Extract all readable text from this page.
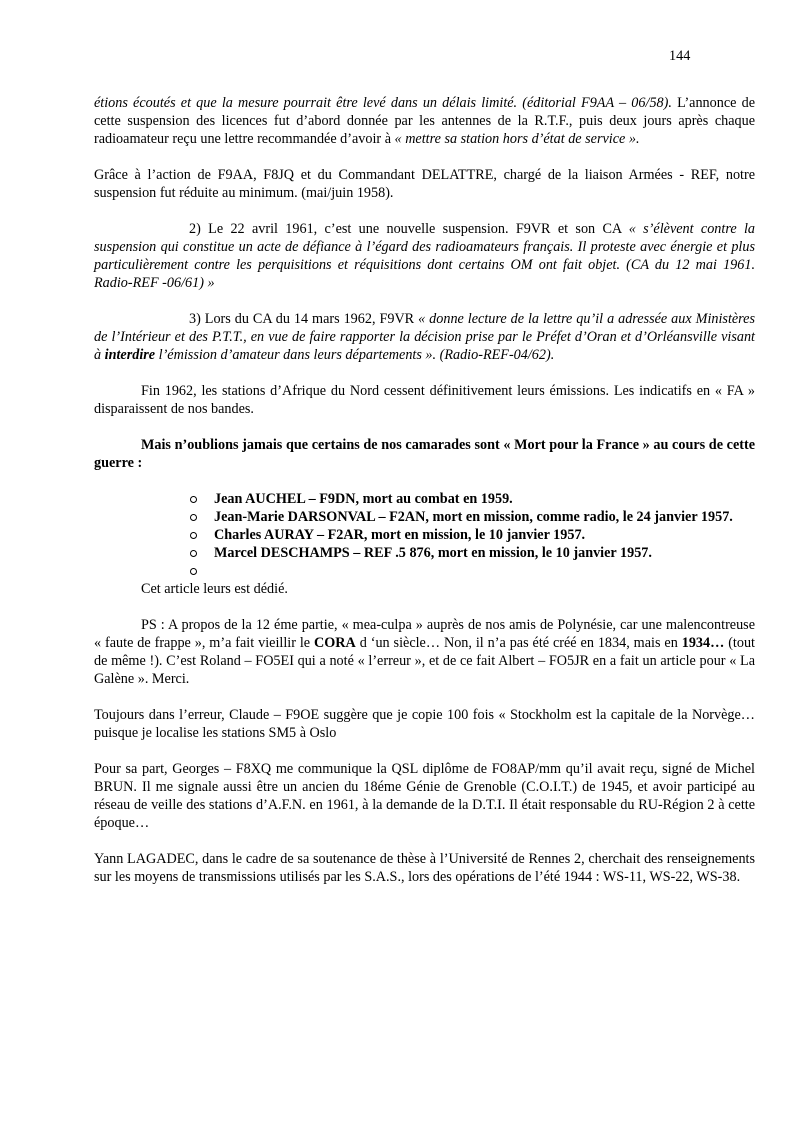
144

étions écoutés et que la mesure pourrait être levé dans un délais limité. (éditorial F9AA – 06/58). L’annonce de cette suspension des licences fut d’abord donnée par les antennes de la R.T.F., puis deux jours après chaque radioamateur reçu une lettre recommandée d’avoir à « mettre sa station hors d’état de service ».

Grâce à l’action de F9AA, F8JQ et du Commandant DELATTRE, chargé de la liaison Armées - REF, notre suspension fut réduite au minimum. (mai/juin 1958).

2) Le 22 avril 1961, c’est une nouvelle suspension. F9VR et son CA « s’élèvent contre la suspension qui constitue un acte de défiance à l’égard des radioamateurs français. Il proteste avec énergie et plus particulièrement contre les perquisitions et réquisitions dont certains OM ont fait objet. (CA du 12 mai 1961. Radio-REF -06/61) »

3) Lors du CA du 14 mars 1962, F9VR « donne lecture de la lettre qu’il a adressée aux Ministères de l’Intérieur et des P.T.T., en vue de faire rapporter la décision prise par le Préfet d’Oran et d’Orléansville visant à interdire l’émission d’amateur dans leurs départements ». (Radio-REF-04/62).

Fin 1962, les stations d’Afrique du Nord cessent définitivement leurs émissions. Les indicatifs en « FA » disparaissent de nos bandes.

Mais n’oublions jamais que certains de nos camarades sont « Mort pour la France » au cours de cette guerre :

Jean AUCHEL – F9DN, mort au combat en 1959.
Jean-Marie DARSONVAL – F2AN, mort en mission, comme radio, le 24 janvier 1957.
Charles AURAY – F2AR, mort en mission, le 10 janvier 1957.
Marcel DESCHAMPS – REF .5 876, mort en mission, le 10 janvier 1957.

Cet article leurs est dédié.

PS : A propos de la 12 éme partie, « mea-culpa » auprès de nos amis de Polynésie, car une malencontreuse « faute de frappe », m’a fait vieillir le CORA d ‘un siècle… Non, il n’a pas été créé en 1834, mais en 1934… (tout de même !). C’est Roland – FO5EI qui a noté « l’erreur », et de ce fait Albert – FO5JR en a fait un article pour « La Galène ». Merci.

Toujours dans l’erreur, Claude – F9OE suggère que je copie 100 fois « Stockholm est la capitale de la Norvège…puisque je localise les stations SM5 à Oslo

Pour sa part, Georges – F8XQ me communique la QSL diplôme de FO8AP/mm qu’il avait reçu, signé de Michel BRUN. Il me signale aussi être un ancien du 18éme Génie de Grenoble (C.O.I.T.) de 1945, et avoir participé au réseau de veille des stations d’A.F.N. en 1961, à la demande de la D.T.I. Il était responsable du RU-Région 2 à cette époque…

Yann LAGADEC, dans le cadre de sa soutenance de thèse à l’Université de Rennes 2, cherchait des renseignements sur les moyens de transmissions utilisés par les S.A.S., lors des opérations de l’été 1944 : WS-11, WS-22, WS-38.
